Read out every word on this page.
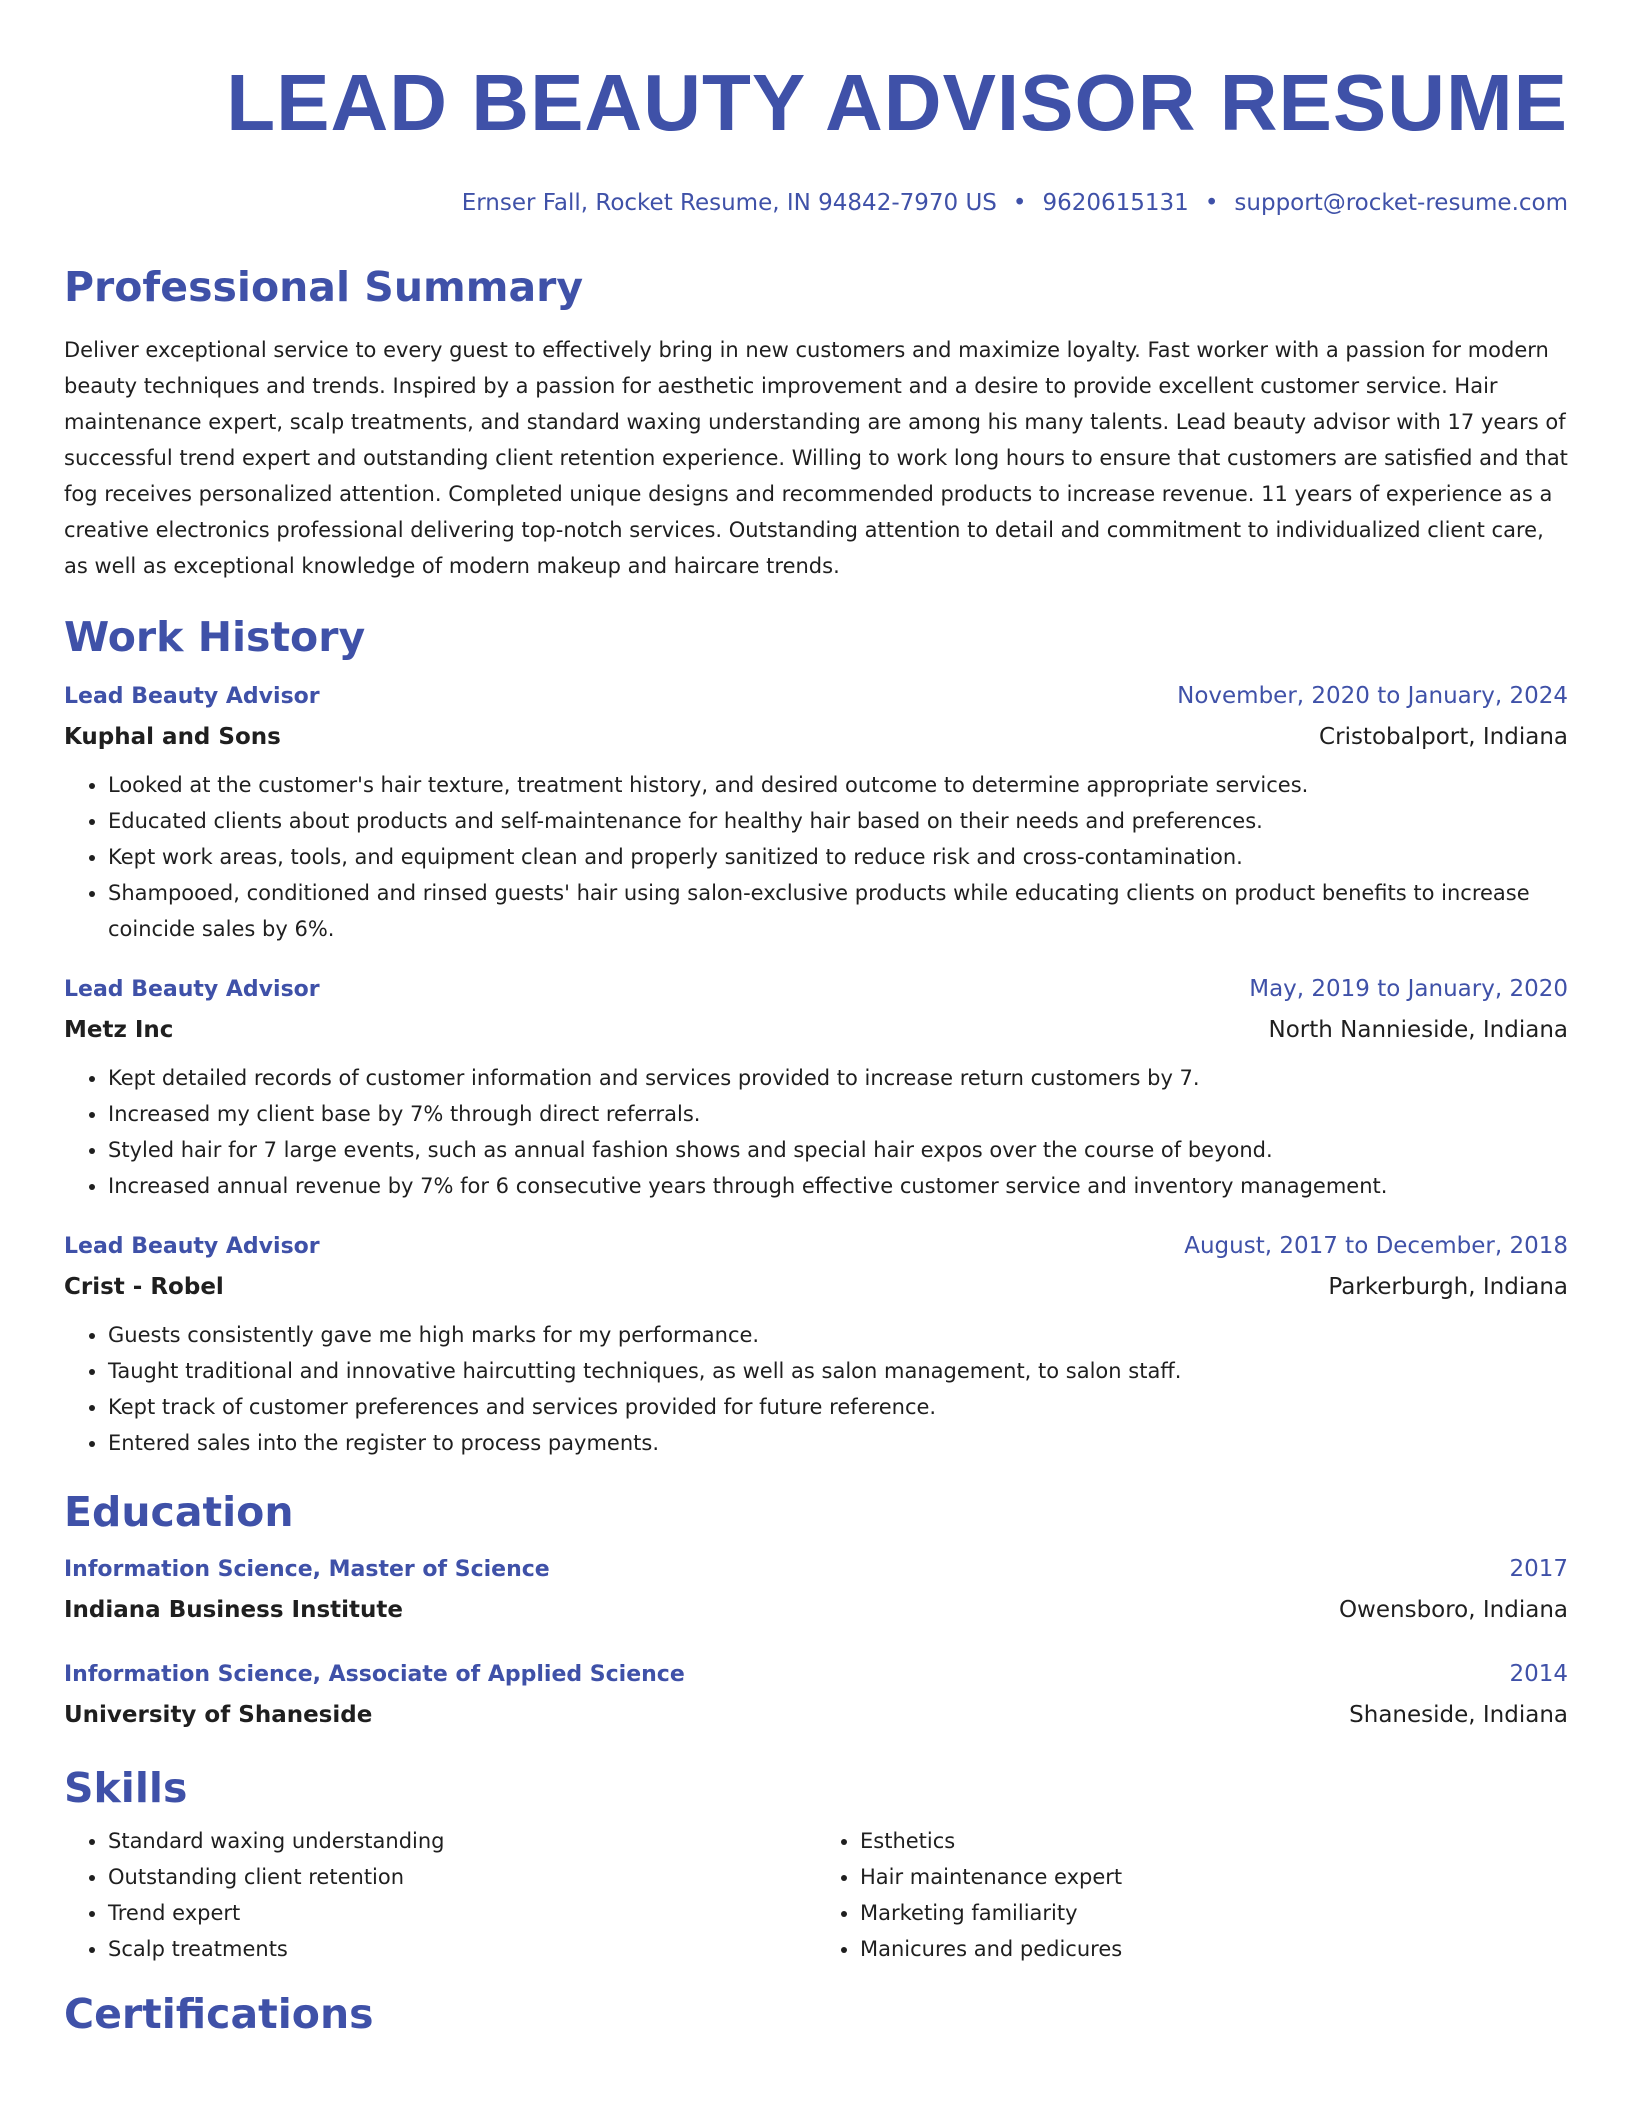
LEAD BEAUTY ADVISOR RESUME
Ernser Fall, Rocket Resume, IN 94842-7970 US • 9620615131 • support@rocket-resume.com
Professional Summary
Deliver exceptional service to every guest to effectively bring in new customers and maximize loyalty. Fast worker with a passion for modern beauty techniques and trends. Inspired by a passion for aesthetic improvement and a desire to provide excellent customer service. Hair maintenance expert, scalp treatments, and standard waxing understanding are among his many talents. Lead beauty advisor with 17 years of successful trend expert and outstanding client retention experience. Willing to work long hours to ensure that customers are satisfied and that fog receives personalized attention. Completed unique designs and recommended products to increase revenue. 11 years of experience as a creative electronics professional delivering top-notch services. Outstanding attention to detail and commitment to individualized client care, as well as exceptional knowledge of modern makeup and haircare trends.
Work History
Lead Beauty Advisor	November, 2020 to January, 2024
Kuphal and Sons	Cristobalport, Indiana
• Looked at the customer's hair texture, treatment history, and desired outcome to determine appropriate services.
• Educated clients about products and self-maintenance for healthy hair based on their needs and preferences.
• Kept work areas, tools, and equipment clean and properly sanitized to reduce risk and cross-contamination.
• Shampooed, conditioned and rinsed guests' hair using salon-exclusive products while educating clients on product benefits to increase coincide sales by 6%.
Lead Beauty Advisor	May, 2019 to January, 2020
Metz Inc	North Nannieside, Indiana
• Kept detailed records of customer information and services provided to increase return customers by 7.
• Increased my client base by 7% through direct referrals.
• Styled hair for 7 large events, such as annual fashion shows and special hair expos over the course of beyond.
• Increased annual revenue by 7% for 6 consecutive years through effective customer service and inventory management.
Lead Beauty Advisor	August, 2017 to December, 2018
Crist - Robel	Parkerburgh, Indiana
• Guests consistently gave me high marks for my performance.
• Taught traditional and innovative haircutting techniques, as well as salon management, to salon staff.
• Kept track of customer preferences and services provided for future reference.
• Entered sales into the register to process payments.
Education
Information Science, Master of Science	2017
Indiana Business Institute	Owensboro, Indiana
Information Science, Associate of Applied Science	2014
University of Shaneside	Shaneside, Indiana
Skills
• Standard waxing understanding
• Outstanding client retention
• Trend expert
• Scalp treatments
• Esthetics
• Hair maintenance expert
• Marketing familiarity
• Manicures and pedicures
Certifications
